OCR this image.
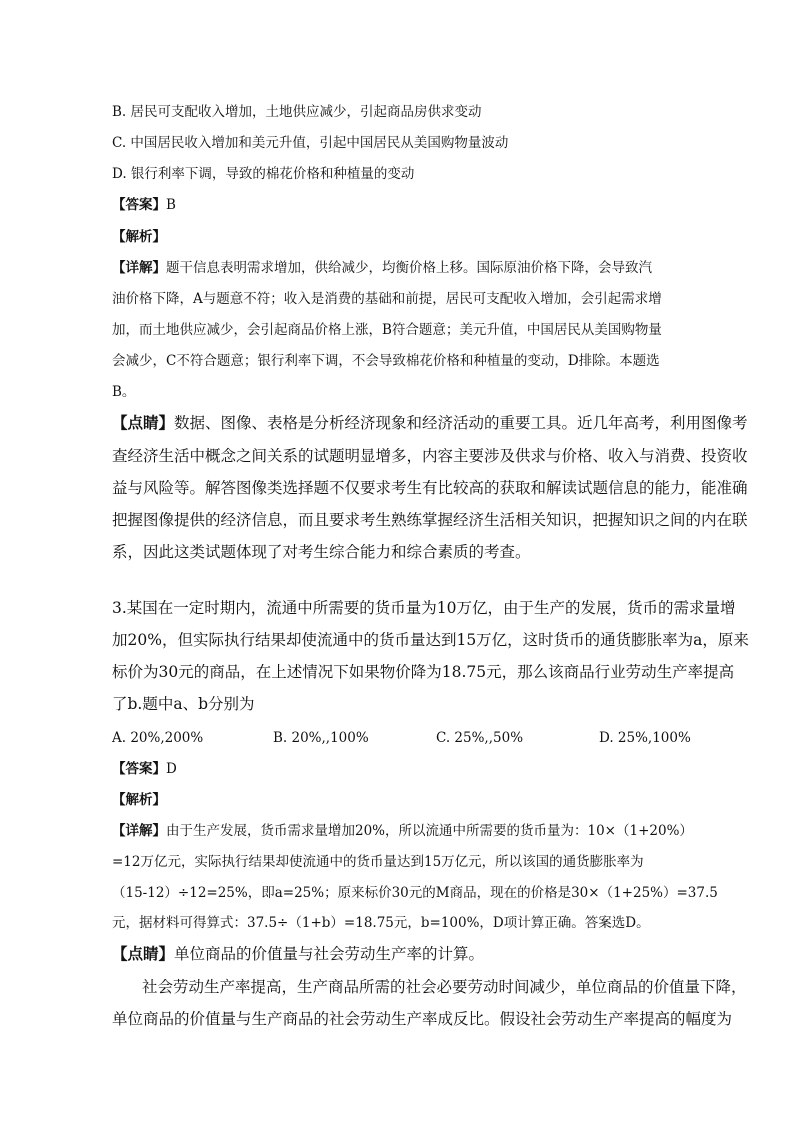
B. 居民可支配收入增加，土地供应减少，引起商品房供求变动
C. 中国居民收入增加和美元升值，引起中国居民从美国购物量波动
D. 银行利率下调，导致的棉花价格和种植量的变动
【答案】B
【解析】
【详解】题干信息表明需求增加，供给减少，均衡价格上移。国际原油价格下降，会导致汽
油价格下降，A与题意不符；收入是消费的基础和前提，居民可支配收入增加，会引起需求增
加，而土地供应减少，会引起商品价格上涨，B符合题意；美元升值，中国居民从美国购物量
会减少，C不符合题意；银行利率下调，不会导致棉花价格和种植量的变动，D排除。本题选
B。
【点睛】数据、图像、表格是分析经济现象和经济活动的重要工具。近几年高考，利用图像考
查经济生活中概念之间关系的试题明显增多，内容主要涉及供求与价格、收入与消费、投资收
益与风险等。解答图像类选择题不仅要求考生有比较高的获取和解读试题信息的能力，能准确
把握图像提供的经济信息，而且要求考生熟练掌握经济生活相关知识，把握知识之间的内在联
系，因此这类试题体现了对考生综合能力和综合素质的考查。
3.某国在一定时期内，流通中所需要的货币量为10万亿，由于生产的发展，货币的需求量增
加20%，但实际执行结果却使流通中的货币量达到15万亿，这时货币的通货膨胀率为a，原来
标价为30元的商品，在上述情况下如果物价降为18.75元，那么该商品行业劳动生产率提高
了b.题中a、b分别为
A. 20%,200%	B. 20%,,100%	C. 25%,,50%	D. 25%,100%
【答案】D
【解析】
【详解】由于生产发展，货币需求量增加20%，所以流通中所需要的货币量为：10×（1+20%）
=12万亿元，实际执行结果却使流通中的货币量达到15万亿元，所以该国的通货膨胀率为
（15-12）÷12=25%，即a=25%；原来标价30元的M商品，现在的价格是30×（1+25%）=37.5
元，据材料可得算式：37.5÷（1+b）=18.75元，b=100%，D项计算正确。答案选D。
【点睛】单位商品的价值量与社会劳动生产率的计算。
社会劳动生产率提高，生产商品所需的社会必要劳动时间减少，单位商品的价值量下降，
单位商品的价值量与生产商品的社会劳动生产率成反比。假设社会劳动生产率提高的幅度为
